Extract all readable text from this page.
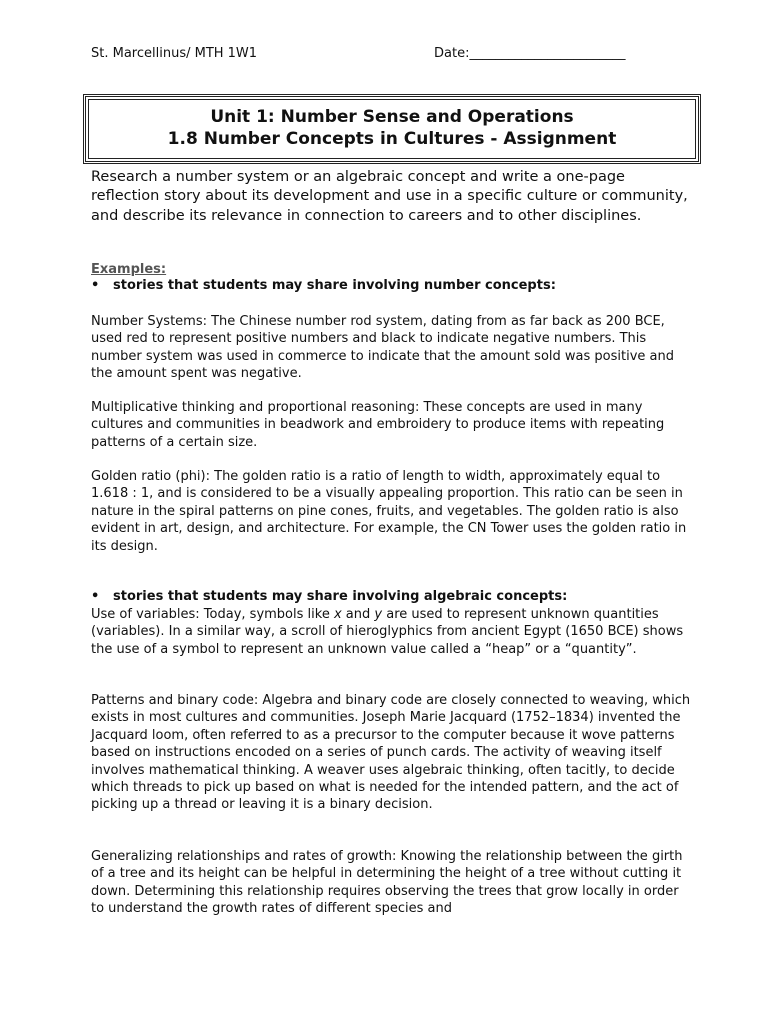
St. Marcellinus/ MTH 1W1	Date:________________________
Unit 1: Number Sense and Operations
1.8 Number Concepts in Cultures - Assignment
Research a number system or an algebraic concept and write a one-page reflection story about its development and use in a specific culture or community, and describe its relevance in connection to careers and to other disciplines.
Examples:
• stories that students may share involving number concepts:
Number Systems: The Chinese number rod system, dating from as far back as 200 BCE, used red to represent positive numbers and black to indicate negative numbers. This number system was used in commerce to indicate that the amount sold was positive and the amount spent was negative.
Multiplicative thinking and proportional reasoning: These concepts are used in many cultures and communities in beadwork and embroidery to produce items with repeating patterns of a certain size.
Golden ratio (phi): The golden ratio is a ratio of length to width, approximately equal to 1.618 : 1, and is considered to be a visually appealing proportion. This ratio can be seen in nature in the spiral patterns on pine cones, fruits, and vegetables. The golden ratio is also evident in art, design, and architecture. For example, the CN Tower uses the golden ratio in its design.
• stories that students may share involving algebraic concepts:
Use of variables: Today, symbols like x and y are used to represent unknown quantities (variables). In a similar way, a scroll of hieroglyphics from ancient Egypt (1650 BCE) shows the use of a symbol to represent an unknown value called a “heap” or a “quantity”.
Patterns and binary code: Algebra and binary code are closely connected to weaving, which exists in most cultures and communities. Joseph Marie Jacquard (1752–1834) invented the Jacquard loom, often referred to as a precursor to the computer because it wove patterns based on instructions encoded on a series of punch cards. The activity of weaving itself involves mathematical thinking. A weaver uses algebraic thinking, often tacitly, to decide which threads to pick up based on what is needed for the intended pattern, and the act of picking up a thread or leaving it is a binary decision.
Generalizing relationships and rates of growth: Knowing the relationship between the girth of a tree and its height can be helpful in determining the height of a tree without cutting it down. Determining this relationship requires observing the trees that grow locally in order to understand the growth rates of different species and
